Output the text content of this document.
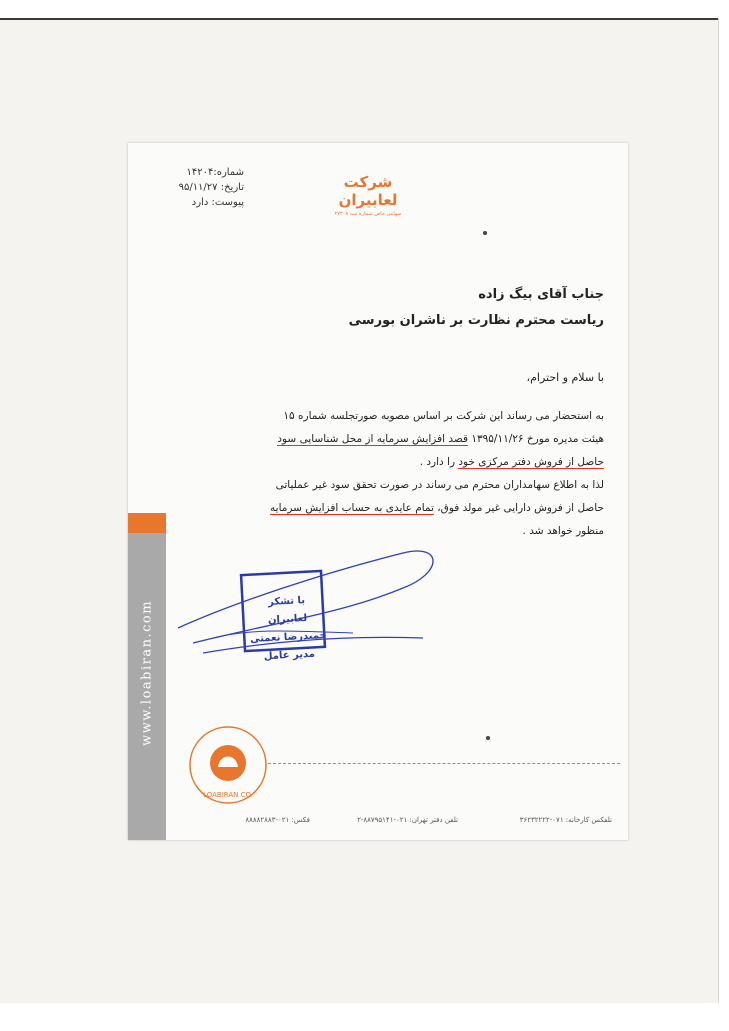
www.loabiran.com
شماره:۱۴۲۰۴
تاریخ: ۹۵/۱۱/۲۷
پیوست: دارد
شرکت لعابیران
سهامی خاص شماره ثبت ۲۷۴۰۸
جناب آقای بیگ زاده
ریاست محترم نظارت بر ناشران بورسی
با سلام و احترام،

به استحضار می رساند این شرکت بر اساس مصوبه صورتجلسه شماره ۱۵

هیئت مدیره مورخ ۱۳۹۵/۱۱/۲۶ قصد افزایش سرمایه از محل شناسایی سود

حاصل از فروش دفتر مرکزی خود را دارد .

لذا به اطلاع سهامداران محترم می رساند در صورت تحقق سود غیر عملیاتی

حاصل از فروش دارایی غیر مولد فوق، تمام عایدی به حساب افزایش سرمایه

منظور خواهد شد .

با تشکر
لعابیران
حمیدرضا نعمتی
مدیر عامل
LOABIRAN CO.
تلفکس کارخانه: ۰۷۱-۳۶۲۳۲۲۲۲
تلفن دفتر تهران: ۰۲۱-۸۸۷۹۵۱۴۱-۲
فکس: ۰۲۱-۸۸۸۸۲۸۸۳
